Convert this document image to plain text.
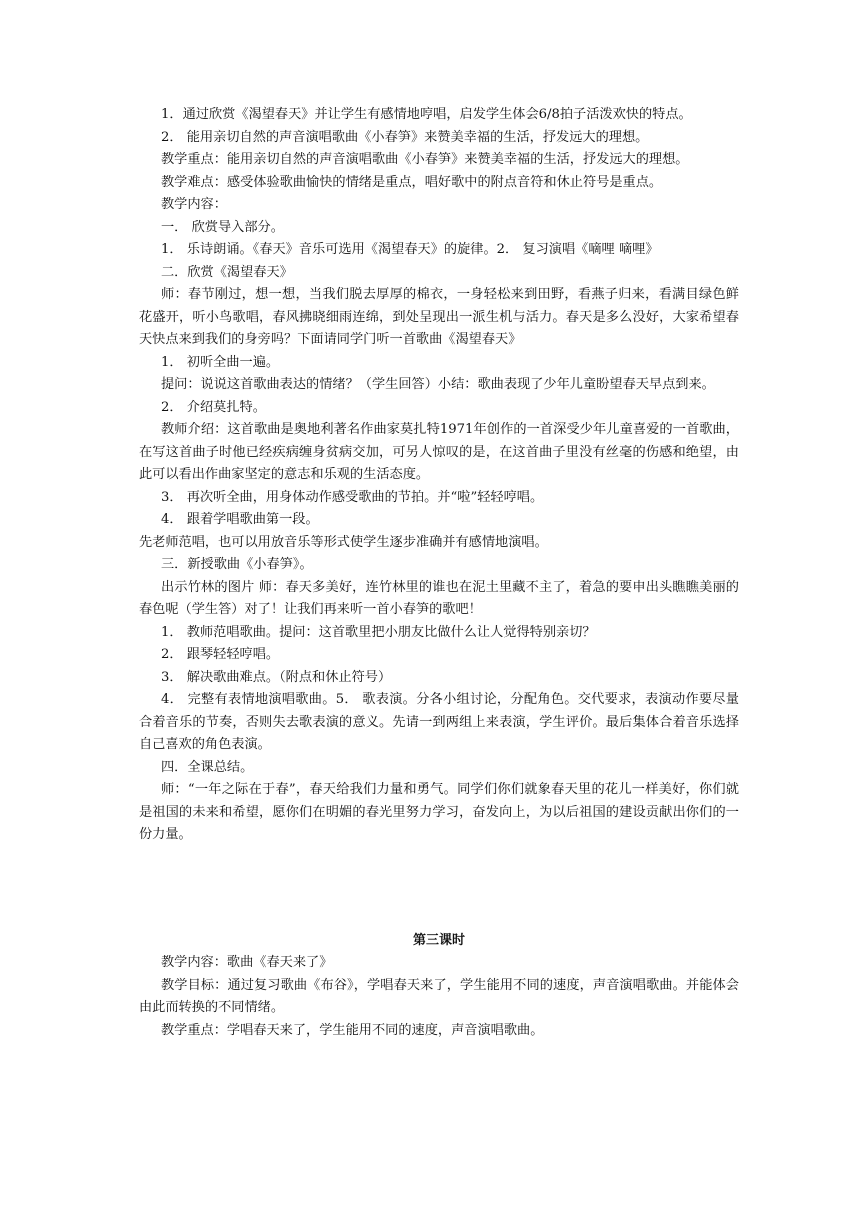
1．通过欣赏《渴望春天》并让学生有感情地哼唱，启发学生体会6/8拍子活泼欢快的特点。

2． 能用亲切自然的声音演唱歌曲《小春笋》来赞美幸福的生活，抒发远大的理想。

教学重点：能用亲切自然的声音演唱歌曲《小春笋》来赞美幸福的生活，抒发远大的理想。

教学难点：感受体验歌曲愉快的情绪是重点，唱好歌中的附点音符和休止符号是重点。

教学内容：

一． 欣赏导入部分。

1． 乐诗朗诵。《春天》音乐可选用《渴望春天》的旋律。2． 复习演唱《嘀哩 嘀哩》

二．欣赏《渴望春天》

师：春节刚过，想一想，当我们脱去厚厚的棉衣，一身轻松来到田野，看燕子归来，看满目绿色鲜花盛开，听小鸟歌唱，春风拂晓细雨连绵，到处呈现出一派生机与活力。春天是多么没好，大家希望春天快点来到我们的身旁吗？下面请同学门听一首歌曲《渴望春天》

1． 初听全曲一遍。

提问：说说这首歌曲表达的情绪？（学生回答）小结：歌曲表现了少年儿童盼望春天早点到来。

2． 介绍莫扎特。

教师介绍：这首歌曲是奥地利著名作曲家莫扎特1971年创作的一首深受少年儿童喜爱的一首歌曲，在写这首曲子时他已经疾病缠身贫病交加，可另人惊叹的是，在这首曲子里没有丝毫的伤感和绝望，由此可以看出作曲家坚定的意志和乐观的生活态度。

3． 再次听全曲，用身体动作感受歌曲的节拍。并“啦”轻轻哼唱。

4． 跟着学唱歌曲第一段。

先老师范唱，也可以用放音乐等形式使学生逐步准确并有感情地演唱。

三．新授歌曲《小春笋》。

出示竹林的图片 师：春天多美好，连竹林里的谁也在泥土里藏不主了，着急的要申出头瞧瞧美丽的春色呢（学生答）对了！让我们再来听一首小春笋的歌吧！

1． 教师范唱歌曲。提问：这首歌里把小朋友比做什么让人觉得特别亲切？

2． 跟琴轻轻哼唱。

3． 解决歌曲难点。（附点和休止符号）

4． 完整有表情地演唱歌曲。5． 歌表演。分各小组讨论，分配角色。交代要求，表演动作要尽量合着音乐的节奏，否则失去歌表演的意义。先请一到两组上来表演，学生评价。最后集体合着音乐选择自己喜欢的角色表演。

四．全课总结。

师：“一年之际在于春”，春天给我们力量和勇气。同学们你们就象春天里的花儿一样美好，你们就是祖国的未来和希望，愿你们在明媚的春光里努力学习，奋发向上，为以后祖国的建设贡献出你们的一份力量。

第三课时

教学内容：歌曲《春天来了》

教学目标：通过复习歌曲《布谷》，学唱春天来了，学生能用不同的速度，声音演唱歌曲。并能体会由此而转换的不同情绪。

教学重点：学唱春天来了，学生能用不同的速度，声音演唱歌曲。
